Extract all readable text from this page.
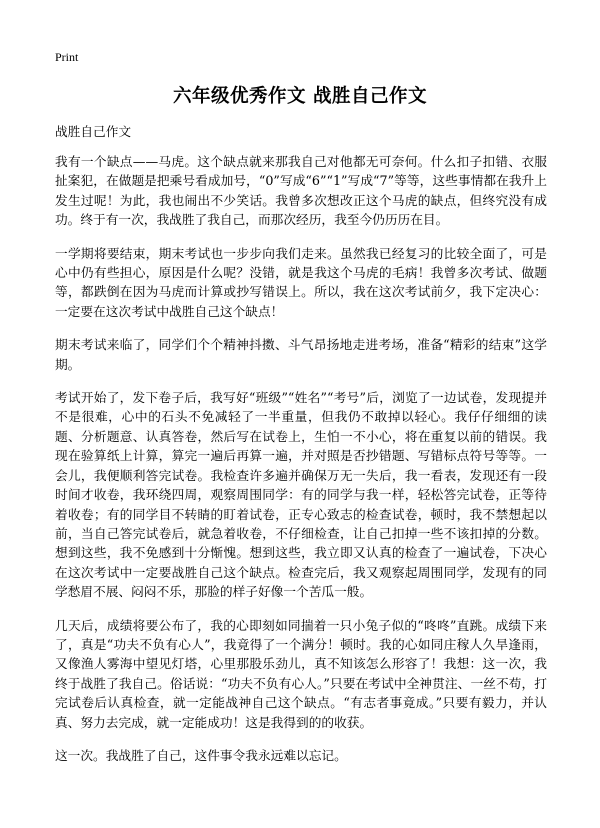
Print
六年级优秀作文 战胜自己作文
战胜自己作文

我有一个缺点——马虎。这个缺点就来那我自己对他都无可奈何。什么扣子扣错、衣服扯案犯，在做题是把乘号看成加号，“0”写成“6”“1”写成“7”等等，这些事情都在我升上发生过呢！为此，我也闹出不少笑话。我曾多次想改正这个马虎的缺点，但终究没有成功。终于有一次，我战胜了我自己，而那次经历，我至今仍历历在目。

一学期将要结束，期末考试也一步步向我们走来。虽然我已经复习的比较全面了，可是心中仍有些担心，原因是什么呢？没错，就是我这个马虎的毛病！我曾多次考试、做题等，都跌倒在因为马虎而计算或抄写错误上。所以，我在这次考试前夕，我下定决心：一定要在这次考试中战胜自己这个缺点！

期末考试来临了，同学们个个精神抖擞、斗气昂扬地走进考场，准备“精彩的结束”这学期。

考试开始了，发下卷子后，我写好“班级”“姓名”“考号”后，浏览了一边试卷，发现提并不是很难，心中的石头不免减轻了一半重量，但我仍不敢掉以轻心。我仔仔细细的读题、分析题意、认真答卷，然后写在试卷上，生怕一不小心，将在重复以前的错误。我现在验算纸上计算，算完一遍后再算一遍，并对照是否抄错题、写错标点符号等等。一会儿，我便顺利答完试卷。我检查许多遍并确保万无一失后，我一看表，发现还有一段时间才收卷，我环绕四周，观察周围同学：有的同学与我一样，轻松答完试卷，正等待着收卷；有的同学目不转睛的盯着试卷，正专心致志的检查试卷，顿时，我不禁想起以前，当自己答完试卷后，就急着收卷，不仔细检查，让自己扣掉一些不该扣掉的分数。想到这些，我不免感到十分惭愧。想到这些，我立即又认真的检查了一遍试卷，下决心在这次考试中一定要战胜自己这个缺点。检查完后，我又观察起周围同学，发现有的同学愁眉不展、闷闷不乐，那脸的样子好像一个苦瓜一般。

几天后，成绩将要公布了，我的心即刻如同揣着一只小兔子似的“咚咚”直跳。成绩下来了，真是“功夫不负有心人”，我竟得了一个满分！顿时。我的心如同庄稼人久旱逢雨，又像渔人雾海中望见灯塔，心里那股乐劲儿，真不知该怎么形容了！我想：这一次，我终于战胜了我自己。俗话说：“功夫不负有心人。”只要在考试中全神贯注、一丝不苟，打完试卷后认真检查，就一定能战神自己这个缺点。“有志者事竟成。”只要有毅力，并认真、努力去完成，就一定能成功！这是我得到的的收获。

这一次。我战胜了自己，这件事令我永远难以忘记。
